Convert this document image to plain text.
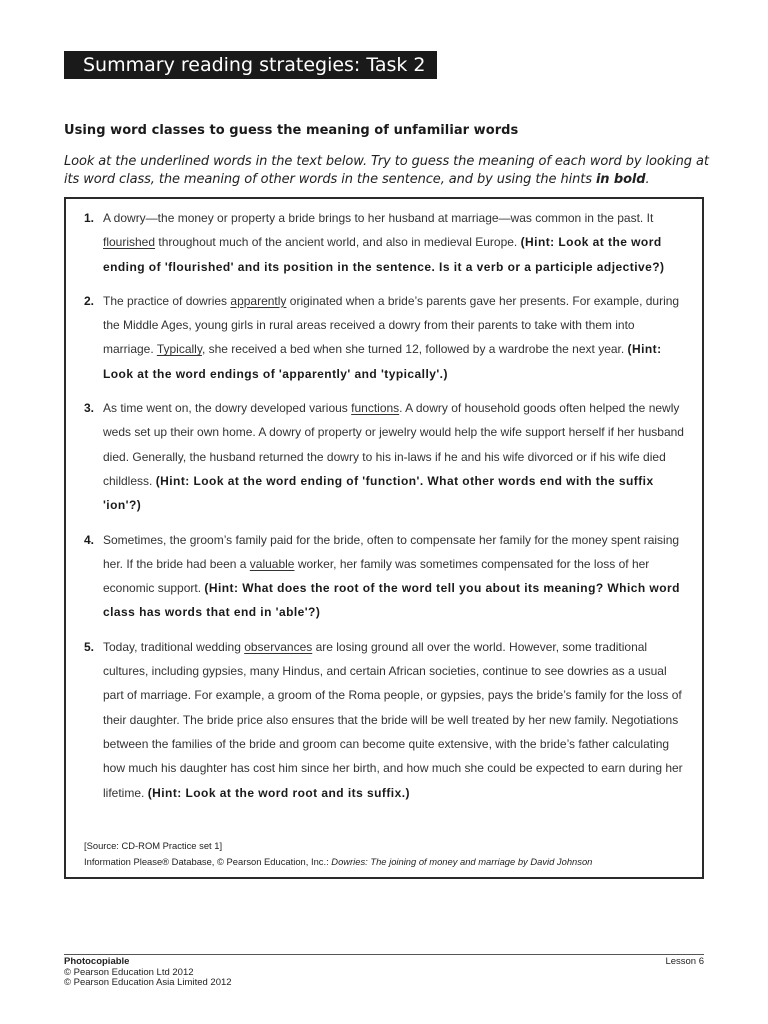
Summary reading strategies: Task 2
Using word classes to guess the meaning of unfamiliar words
Look at the underlined words in the text below. Try to guess the meaning of each word by looking at its word class, the meaning of other words in the sentence, and by using the hints in bold.
1. A dowry—the money or property a bride brings to her husband at marriage—was common in the past. It flourished throughout much of the ancient world, and also in medieval Europe. (Hint: Look at the word ending of 'flourished' and its position in the sentence. Is it a verb or a participle adjective?)
2. The practice of dowries apparently originated when a bride’s parents gave her presents. For example, during the Middle Ages, young girls in rural areas received a dowry from their parents to take with them into marriage. Typically, she received a bed when she turned 12, followed by a wardrobe the next year. (Hint: Look at the word endings of 'apparently' and 'typically'.)
3. As time went on, the dowry developed various functions. A dowry of household goods often helped the newly weds set up their own home. A dowry of property or jewelry would help the wife support herself if her husband died. Generally, the husband returned the dowry to his in-laws if he and his wife divorced or if his wife died childless. (Hint: Look at the word ending of 'function'. What other words end with the suffix 'ion'?)
4. Sometimes, the groom’s family paid for the bride, often to compensate her family for the money spent raising her. If the bride had been a valuable worker, her family was sometimes compensated for the loss of her economic support. (Hint: What does the root of the word tell you about its meaning? Which word class has words that end in 'able'?)
5. Today, traditional wedding observances are losing ground all over the world. However, some traditional cultures, including gypsies, many Hindus, and certain African societies, continue to see dowries as a usual part of marriage. For example, a groom of the Roma people, or gypsies, pays the bride’s family for the loss of their daughter. The bride price also ensures that the bride will be well treated by her new family. Negotiations between the families of the bride and groom can become quite extensive, with the bride’s father calculating how much his daughter has cost him since her birth, and how much she could be expected to earn during her lifetime. (Hint: Look at the word root and its suffix.)
[Source: CD-ROM Practice set 1]
Information Please® Database, © Pearson Education, Inc.: Dowries: The joining of money and marriage by David Johnson
Photocopiable
© Pearson Education Ltd 2012
© Pearson Education Asia Limited 2012
Lesson 6
